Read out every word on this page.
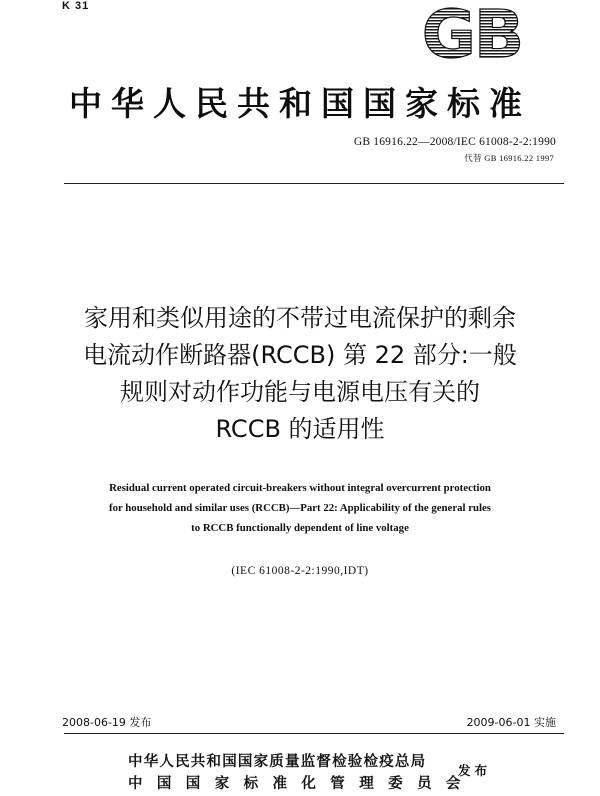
K 31	GB
中华人民共和国国家标准
GB 16916.22—2008/IEC 61008-2-2:1990
代替 GB 16916.22 1997
家用和类似用途的不带过电流保护的剩余
电流动作断路器(RCCB) 第 22 部分:一般
规则对动作功能与电源电压有关的
RCCB 的适用性
Residual current operated circuit-breakers without integral overcurrent protection
for household and similar uses (RCCB)—Part 22: Applicability of the general rules
to RCCB functionally dependent of line voltage
(IEC 61008-2-2:1990,IDT)
2008-06-19 发布	2009-06-01 实施
中华人民共和国国家质量监督检验检疫总局
中国国家标准化管理委员会
发布
